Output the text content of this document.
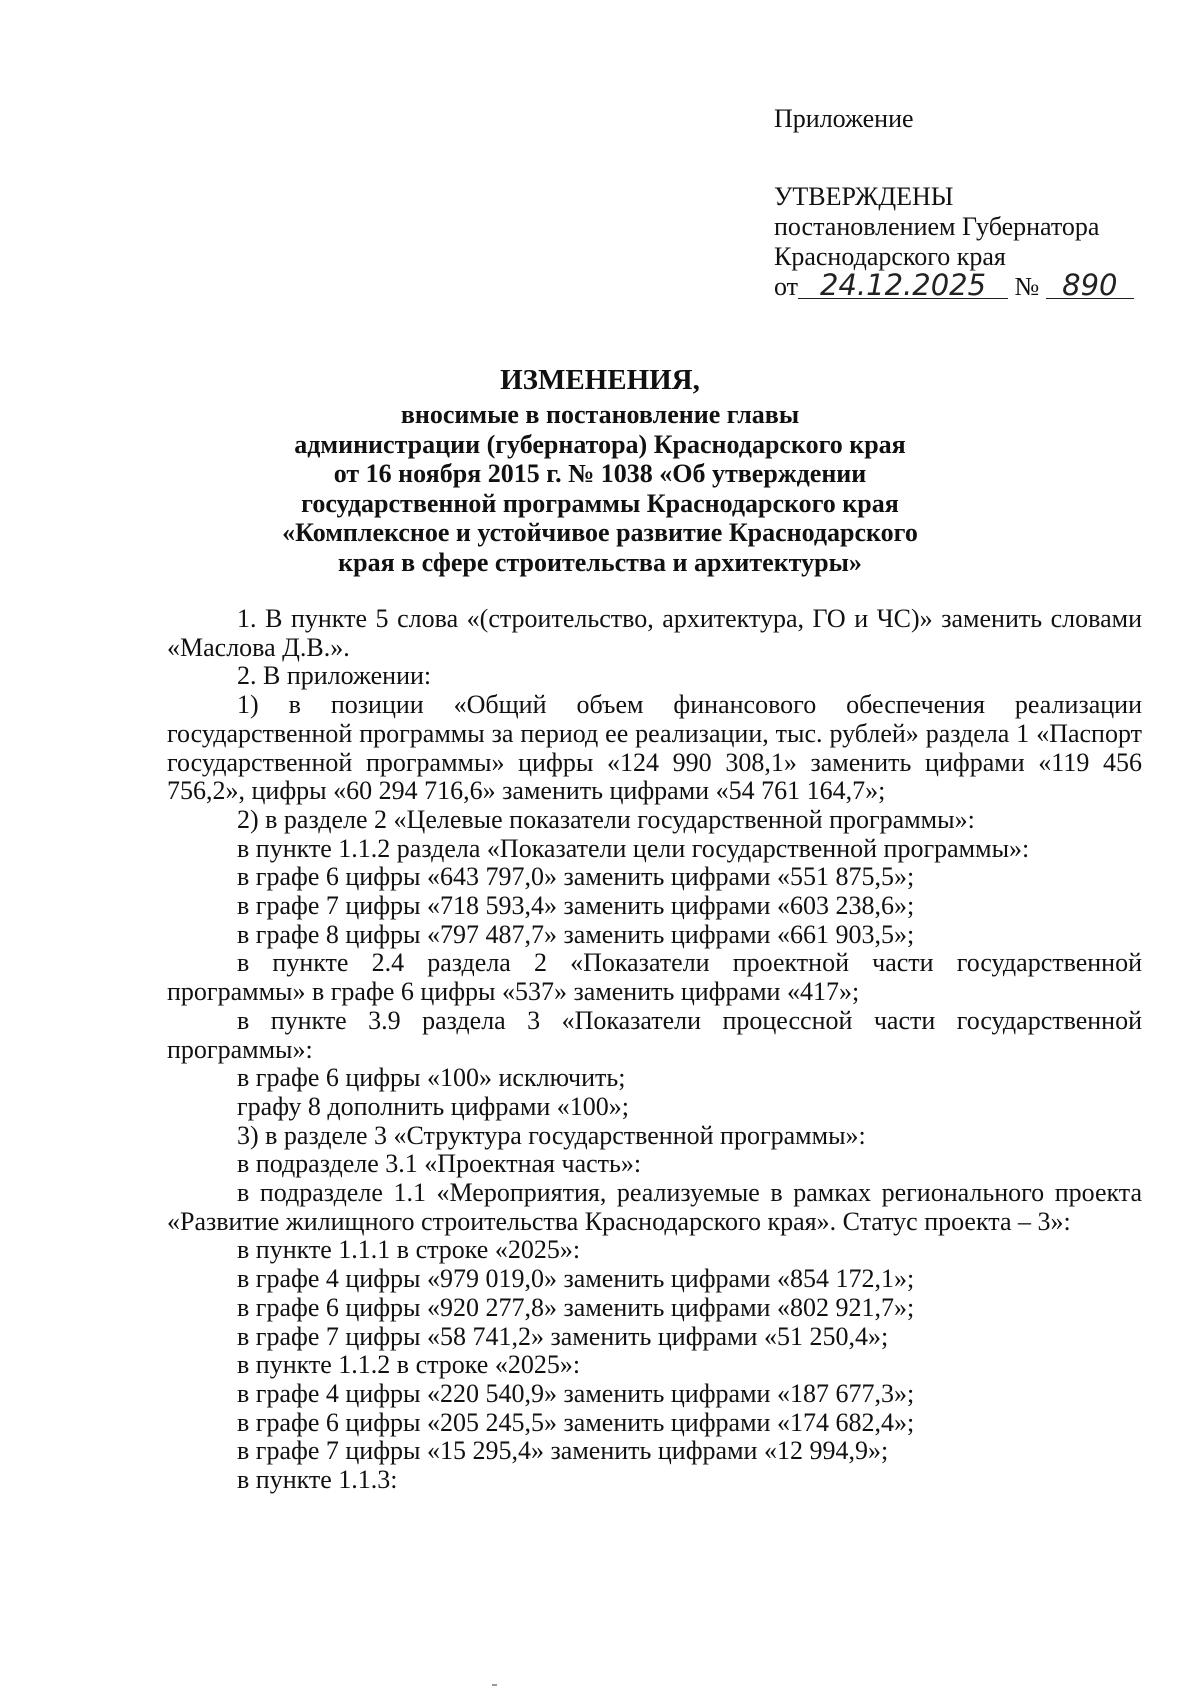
Приложение
УТВЕРЖДЕНЫ
постановлением Губернатора
Краснодарского края
от 24.12.2025 № 890
ИЗМЕНЕНИЯ,
вносимые в постановление главы
администрации (губернатора) Краснодарского края
от 16 ноября 2015 г. № 1038 «Об утверждении
государственной программы Краснодарского края
«Комплексное и устойчивое развитие Краснодарского
края в сфере строительства и архитектуры»

1. В пункте 5 слова «(строительство, архитектура, ГО и ЧС)» заменить словами «Маслова Д.В.».

2. В приложении:

1) в позиции «Общий объем финансового обеспечения реализации государственной программы за период ее реализации, тыс. рублей» раздела 1 «Паспорт государственной программы» цифры «124 990 308,1» заменить цифрами «119 456 756,2», цифры «60 294 716,6» заменить цифрами «54 761 164,7»;

2) в разделе 2 «Целевые показатели государственной программы»:

в пункте 1.1.2 раздела «Показатели цели государственной программы»:

в графе 6 цифры «643 797,0» заменить цифрами «551 875,5»;

в графе 7 цифры «718 593,4» заменить цифрами «603 238,6»;

в графе 8 цифры «797 487,7» заменить цифрами «661 903,5»;

в пункте 2.4 раздела 2 «Показатели проектной части государственной программы» в графе 6 цифры «537» заменить цифрами «417»;

в пункте 3.9 раздела 3 «Показатели процессной части государственной программы»:

в графе 6 цифры «100» исключить;

графу 8 дополнить цифрами «100»;

3) в разделе 3 «Структура государственной программы»:

в подразделе 3.1 «Проектная часть»:

в подразделе 1.1 «Мероприятия, реализуемые в рамках регионального проекта «Развитие жилищного строительства Краснодарского края». Статус проекта – 3»:

в пункте 1.1.1 в строке «2025»:

в графе 4 цифры «979 019,0» заменить цифрами «854 172,1»;

в графе 6 цифры «920 277,8» заменить цифрами «802 921,7»;

в графе 7 цифры «58 741,2» заменить цифрами «51 250,4»;

в пункте 1.1.2 в строке «2025»:

в графе 4 цифры «220 540,9» заменить цифрами «187 677,3»;

в графе 6 цифры «205 245,5» заменить цифрами «174 682,4»;

в графе 7 цифры «15 295,4» заменить цифрами «12 994,9»;

в пункте 1.1.3:
